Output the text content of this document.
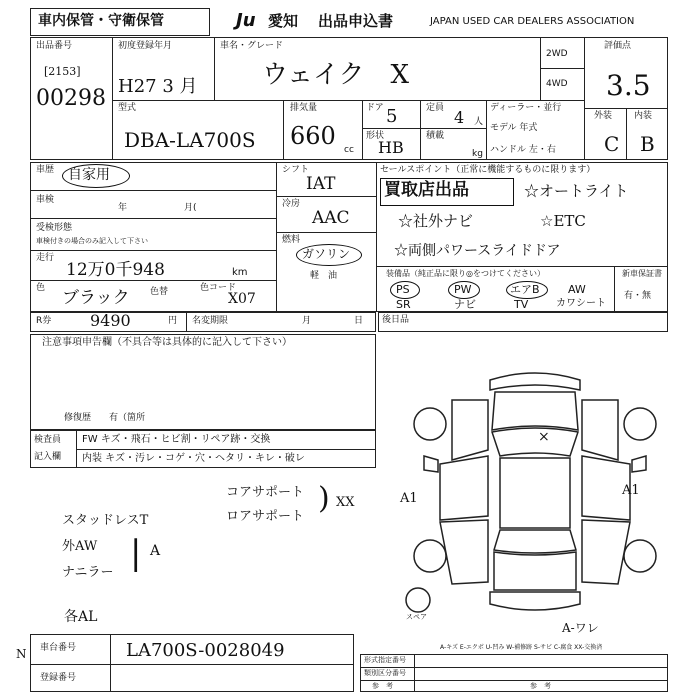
車内保管・守衛保管	Ju 愛知 出品申込書	JAPAN USED CAR DEALERS ASSOCIATION
出品番号
[2153]
00298
初度登録年月
H27 3 月
車名・グレード
ウェイク　X
2WD
4WD
評価点
3.5
型式
DBA-LA700S
排気量
660 cc
ドア 5	定員 4 人
形状
HB
積載
kg
ディーラー・並行
モデル 年式
ハンドル 左・右
外装 内装
C B
車歴 自家用
車検
年	月(
受検形態
車検付きの場合のみ記入して下さい
走行
12万0千948	km
色 ブラック 色替	色コード
X07
シフト
IAT
冷房
AAC
燃料
ガソリン
軽　油
セールスポイント（正常に機能するものに限ります）
買取店出品	☆オートライト
☆社外ナビ	☆ETC
☆両側パワースライドドア
装備品（純正品に限り◎をつけてください）
PS	PW	エアB	AW
SR	ナビ	TV	カワシート
新車保証書
有・無
R券 9490	円 名変期限	月	日 後日品
注意事項申告欄（不具合等は具体的に記入して下さい）
修復歴　　有（箇所
検査員
記入欄
FW キズ・飛石・ヒビ割・リペア跡・交換
内装 キズ・汚レ・コゲ・穴・ヘタリ・キレ・破レ
コアサポート
ロアサポート
) XX
スタッドレスT
外AW
ナニラー | A
各AL
×
A1
A1
A-ワレ
スペア
車台番号	LA700S-0028049
登録番号
N	A-キズ E-エクボ U-凹み W-補修跡 S-サビ C-腐食 XX-交換済
形式指定番号
類別区分番号
参　考	参　考
